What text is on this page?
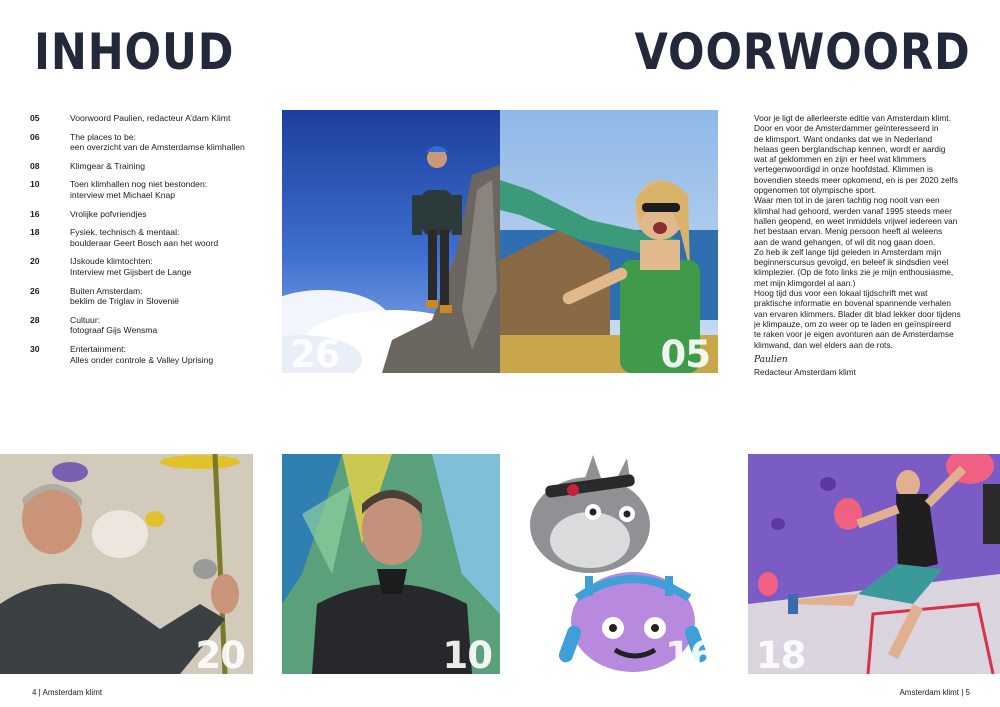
INHOUD	VOORWOORD
05	Voorwoord Paulien, redacteur A’dam Klimt
06	The places to be:
een overzicht van de Amsterdamse klimhallen
08	Klimgear & Training
10	Toen klimhallen nog niet bestonden:
interview met Michael Knap
16	Vrolijke pofvriendjes
18	Fysiek, technisch & mentaal:
boulderaar Geert Bosch aan het woord
20	IJskoude klimtochten:
Interview met Gijsbert de Lange
26	Buiten Amsterdam:
beklim de Triglav in Slovenië
28	Cultuur:
fotograaf Gijs Wensma
30	Entertainment:
Alles onder controle & Valley Uprising	26	05
Voor je ligt de allerleerste editie van Amsterdam klimt.
Door en voor de Amsterdammer geïnteresseerd in
de klimsport. Want ondanks dat we in Nederland
helaas geen berglandschap kennen, wordt er aardig
wat af geklommen en zijn er heel wat klimmers
vertegenwoordigd in onze hoofdstad. Klimmen is
bovendien steeds meer opkomend, en is per 2020 zelfs
opgenomen tot olympische sport.
Waar men tot in de jaren tachtig nog nooit van een
klimhal had gehoord, werden vanaf 1995 steeds meer
hallen geopend, en weet inmiddels vrijwel iedereen van
het bestaan ervan. Menig persoon heeft al weleens
aan de wand gehangen, of wil dit nog gaan doen.
Zo heb ik zelf lange tijd geleden in Amsterdam mijn
beginnerscursus gevolgd, en beleef ik sindsdien veel
klimplezier. (Op de foto links zie je mijn enthousiasme,
met mijn klimgordel al aan.)
Hoog tijd dus voor een lokaal tijdschrift met wat
praktische informatie en bovenal spannende verhalen
van ervaren klimmers. Blader dit blad lekker door tijdens
je klimpauze, om zo weer op te laden en geïnspireerd
te raken voor je eigen avonturen aan de Amsterdamse
klimwand, dan wel elders aan de rots.
Paulien
Redacteur Amsterdam klimt
20	10	16 18
4 | Amsterdam klimt	Amsterdam klimt | 5
